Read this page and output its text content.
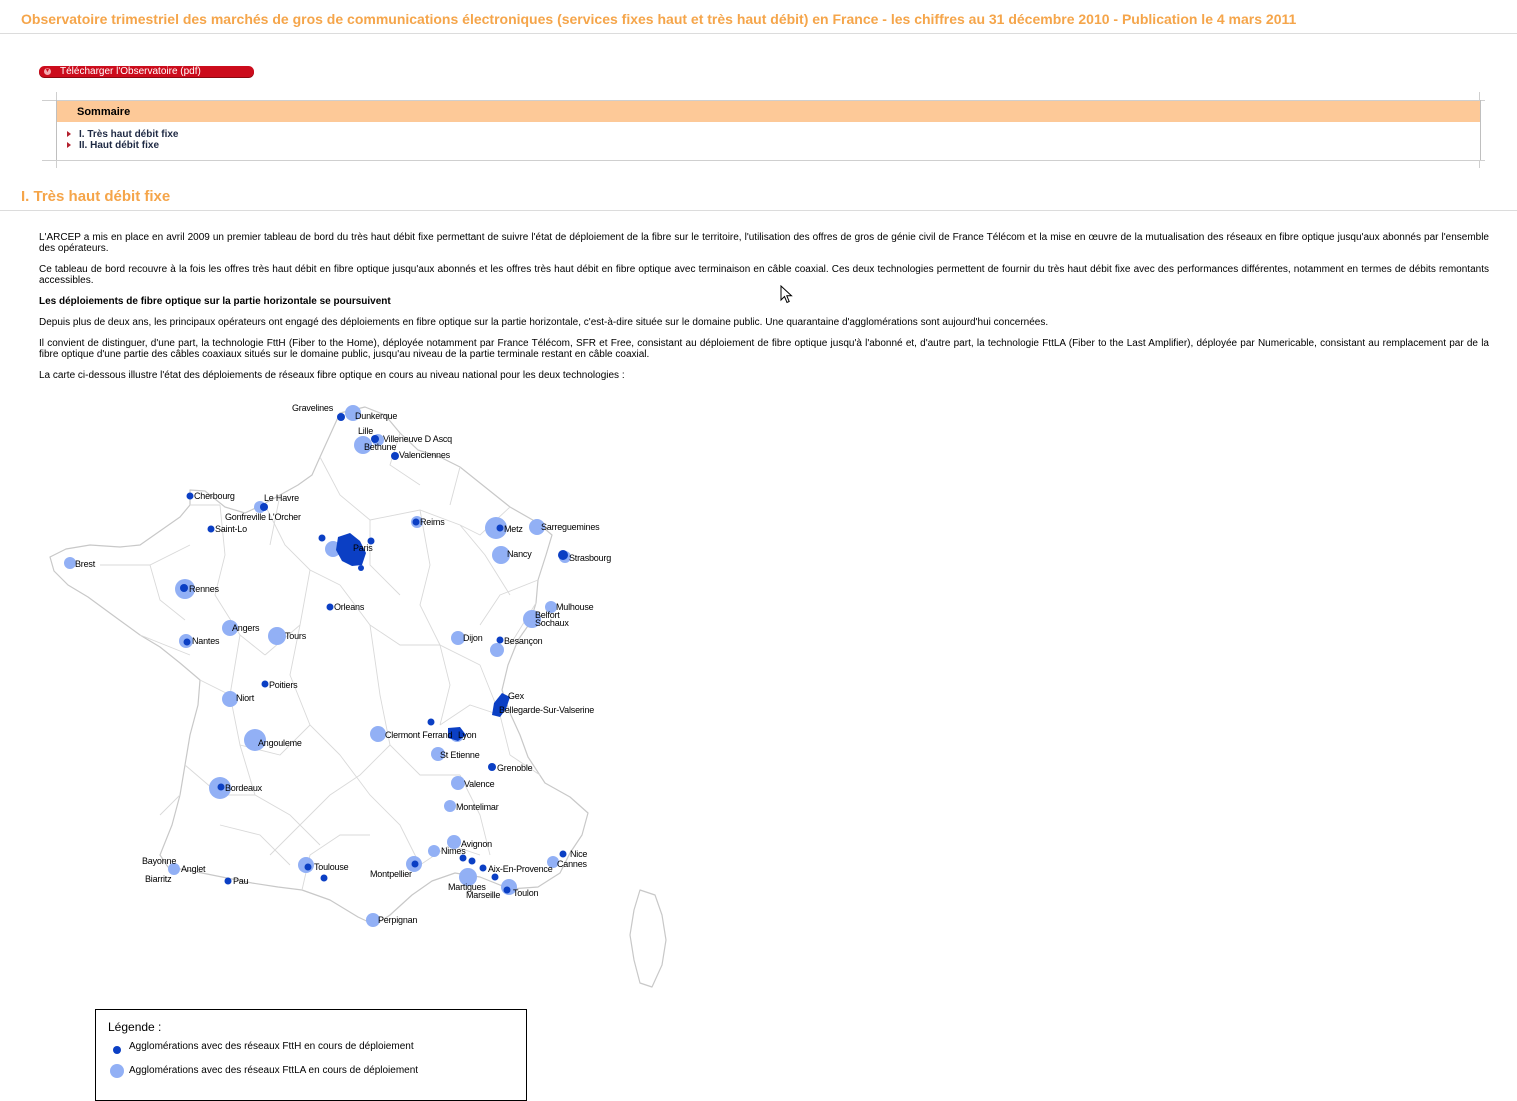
Observatoire trimestriel des marchés de gros de communications électroniques (services fixes haut et très haut débit) en France - les chiffres au 31 décembre 2010 - Publication le 4 mars 2011
▼ Télécharger l'Observatoire (pdf)
Sommaire
I. Très haut débit fixe
II. Haut débit fixe
I. Très haut débit fixe

L'ARCEP a mis en place en avril 2009 un premier tableau de bord du très haut débit fixe permettant de suivre l'état de déploiement de la fibre sur le territoire, l'utilisation des offres de gros de génie civil de France Télécom et la mise en œuvre de la mutualisation des réseaux en fibre optique jusqu'aux abonnés par l'ensemble des opérateurs.

Ce tableau de bord recouvre à la fois les offres très haut débit en fibre optique jusqu'aux abonnés et les offres très haut débit en fibre optique avec terminaison en câble coaxial. Ces deux technologies permettent de fournir du très haut débit fixe avec des performances différentes, notamment en termes de débits remontants accessibles.

Les déploiements de fibre optique sur la partie horizontale se poursuivent

Depuis plus de deux ans, les principaux opérateurs ont engagé des déploiements en fibre optique sur la partie horizontale, c'est-à-dire située sur le domaine public. Une quarantaine d'agglomérations sont aujourd'hui concernées.

Il convient de distinguer, d'une part, la technologie FttH (Fiber to the Home), déployée notamment par France Télécom, SFR et Free, consistant au déploiement de fibre optique jusqu'à l'abonné et, d'autre part, la technologie FttLA (Fiber to the Last Amplifier), déployée par Numericable, consistant au remplacement par de la fibre optique d'une partie des câbles coaxiaux situés sur le domaine public, jusqu'au niveau de la partie terminale restant en câble coaxial.

La carte ci-dessous illustre l'état des déploiements de réseaux fibre optique en cours au niveau national pour les deux technologies :

Gravelines
Dunkerque
Lille
Villeneuve D Ascq
Bethune
Valenciennes
Cherbourg	Le Havre
Gonfreville L'Orcher
Saint-Lo
Reims
Metz Sarreguemines
Paris
Nancy	Strasbourg
Brest
Rennes
Orleans	Mulhouse
Belfort
Sochaux
Angers
Tours
Nantes	Dijon Besançon
Poitiers
Gex
Niort
Bellegarde-Sur-Valserine
Angouleme
Clermont Ferrand Lyon
St Etienne
Grenoble
Bordeaux	Valence
Montelimar
Avignon
Nimes	Nice
Bayonne
Anglet	Toulouse	Aix-En-Provence Cannes
Biarritz	Pau
Montpellier
Martigues
Marseille Toulon
Perpignan
Légende :
Agglomérations avec des réseaux FttH en cours de déploiement
Agglomérations avec des réseaux FttLA en cours de déploiement
